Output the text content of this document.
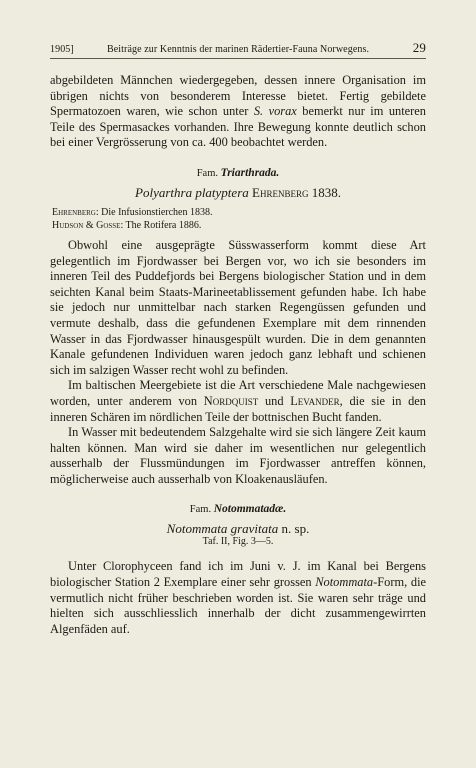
1905]	Beiträge zur Kenntnis der marinen Rädertier-Fauna Norwegens.	29

abgebildeten Männchen wiedergegeben, dessen innere Organisation im übrigen nichts von besonderem Interesse bietet. Fertig gebildete Spermatozoen waren, wie schon unter S. vorax bemerkt nur im unteren Teile des Spermasackes vorhanden. Ihre Bewegung konnte deutlich schon bei einer Vergrösserung von ca. 400 beobachtet werden.

Fam. Triarthrada.
Polyarthra platyptera Ehrenberg 1838.
Ehrenberg: Die Infusionstierchen 1838.
Hudson & Gosse: The Rotifera 1886.

Obwohl eine ausgeprägte Süsswasserform kommt diese Art gelegentlich im Fjordwasser bei Bergen vor, wo ich sie besonders im inneren Teil des Puddefjords bei Bergens biologischer Station und in dem seichten Kanal beim Staats-Marineetablissement gefunden habe. Ich habe sie jedoch nur unmittelbar nach starken Regengüssen gefunden und vermute deshalb, dass die gefundenen Exemplare mit dem rinnenden Wasser in das Fjordwasser hinausgespült wurden. Die in dem genannten Kanale gefundenen Individuen waren jedoch ganz lebhaft und schienen sich im salzigen Wasser recht wohl zu befinden.

Im baltischen Meergebiete ist die Art verschiedene Male nachgewiesen worden, unter anderem von Nordquist und Levander, die sie in den inneren Schären im nördlichen Teile der bottnischen Bucht fanden.

In Wasser mit bedeutendem Salzgehalte wird sie sich längere Zeit kaum halten können. Man wird sie daher im wesentlichen nur gelegentlich ausserhalb der Flussmündungen im Fjordwasser antreffen können, möglicherweise auch ausserhalb von Kloakenausläufen.

Fam. Notommatadæ.
Notommata gravitata n. sp.
Taf. II, Fig. 3—5.

Unter Clorophyceen fand ich im Juni v. J. im Kanal bei Bergens biologischer Station 2 Exemplare einer sehr grossen Notommata-Form, die vermutlich nicht früher beschrieben worden ist. Sie waren sehr träge und hielten sich ausschliesslich innerhalb der dicht zusammengewirrten Algenfäden auf.
